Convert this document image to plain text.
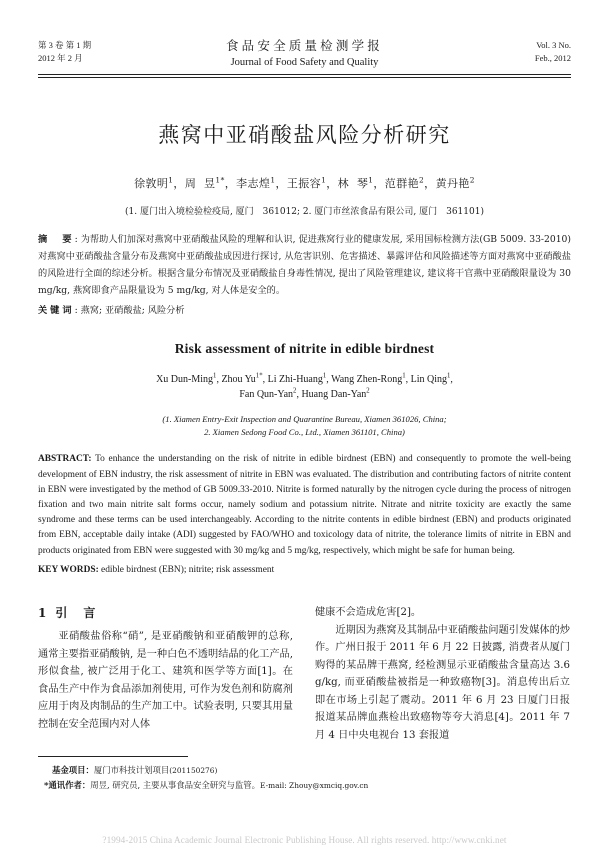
第 3 卷 第 1 期
2012 年 2 月
食品安全质量检测学报
Journal of Food Safety and Quality
Vol. 3 No.
Feb., 2012
燕窝中亚硝酸盐风险分析研究
徐敦明$^1$，周  昱$^{1*}$，李志煌$^1$，王振容$^1$，林  琴$^1$，范群艳$^2$，黄丹艳$^2$
(1. 厦门出入境检验检疫局, 厦门　361012; 2. 厦门市丝浓食品有限公司, 厦门　361101)
摘　要: 为帮助人们加深对燕窝中亚硝酸盐风险的理解和认识, 促进燕窝行业的健康发展, 采用国标检测方法(GB 5009. 33-2010)对燕窝中亚硝酸盐含量分布及燕窝中亚硝酸盐成因进行探讨, 从危害识别、危害描述、暴露评估和风险描述等方面对燕窝中亚硝酸盐的风险进行全面的综述分析。根据含量分布情况及亚硝酸盐自身毒性情况, 提出了风险管理建议, 建议将干官燕中亚硝酸限量设为 30 mg/kg, 燕窝即食产品限量设为 5 mg/kg, 对人体是安全的。
关键词: 燕窝; 亚硝酸盐; 风险分析
Risk assessment of nitrite in edible birdnest
Xu Dun-Ming$^1$, Zhou $Yu^{1*}$, Li Zhi-Huang$^1$, Wang Zhen-Rong$^1$, Lin Qing$^1$,
Fan Qun-Yan$^2$, Huang Dan-Yan$^2$
(1. Xiamen Entry-Exit Inspection and Quarantine Bureau, Xiamen 361026, China;
2. Xiamen Sedong Food Co., Ltd., Xiamen 361101, China)
ABSTRACT: To enhance the understanding on the risk of nitrite in edible birdnest (EBN) and consequently to promote the well-being development of EBN industry, the risk assessment of nitrite in EBN was evaluated. The distribution and contributing factors of nitrite content in EBN were investigated by the method of GB 5009.33-2010. Nitrite is formed naturally by the nitrogen cycle during the process of nitrogen fixation and two main nitrite salt forms occur, namely sodium and potassium nitrite. Nitrate and nitrite toxicity are exactly the same syndrome and these terms can be used interchangeably. According to the nitrite contents in edible birdnest (EBN) and products originated from EBN, acceptable daily intake (ADI) suggested by FAO/WHO and toxicology data of nitrite, the tolerance limits of nitrite in EBN and products originated from EBN were suggested with 30 mg/kg and 5 mg/kg, respectively, which might be safe for human being.
KEY WORDS: edible birdnest (EBN); nitrite; risk assessment
1 引　言
亚硝酸盐俗称“硝”, 是亚硝酸钠和亚硝酸钾的总称, 通常主要指亚硝酸钠, 是一种白色不透明结晶的化工产品, 形似食盐, 被广泛用于化工、建筑和医学等方面[1]。在食品生产中作为食品添加剂使用, 可作为发色剂和防腐剂应用于肉及肉制品的生产加工中。试验表明, 只要其用量控制在安全范围内对人体
健康不会造成危害[2]。
近期因为燕窝及其制品中亚硝酸盐问题引发媒体的炒作。广州日报于 2011 年 6 月 22 日披露, 消费者从厦门购得的某品牌干燕窝, 经检测显示亚硝酸盐含量高达 3.6 g/kg, 而亚硝酸盐被指是一种致癌物[3]。消息传出后立即在市场上引起了震动。2011 年 6 月 23 日厦门日报报道某品牌血燕检出致癌物等夸大消息[4]。2011 年 7 月 4 日中央电视台 13 套报道
基金项目：厦门市科技计划项目(201150276)
*通讯作者：周昱, 研究员, 主要从事食品安全研究与监管。E-mail: Zhouy@xmciq.gov.cn
?1994-2015 China Academic Journal Electronic Publishing House. All rights reserved. http://www.cnki.net
